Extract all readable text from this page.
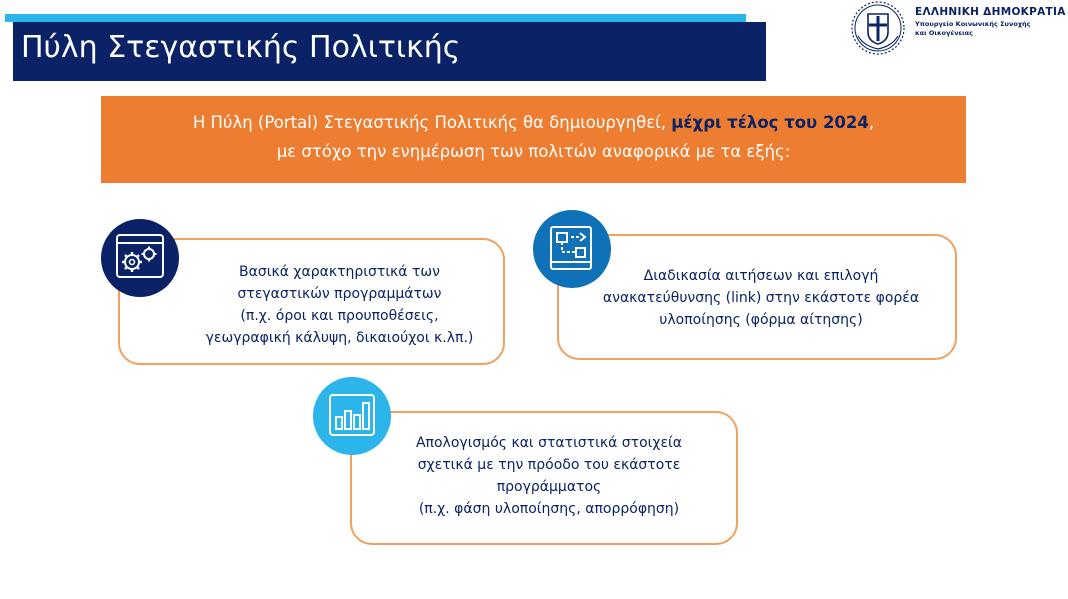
Πύλη Στεγαστικής Πολιτικής
ΕΛΛΗΝΙΚΗ ΔΗΜΟΚΡΑΤΙΑ
Υπουργείο Κοινωνικής Συνοχής
και Οικογένειας
Η Πύλη (Portal) Στεγαστικής Πολιτικής θα δημιουργηθεί, μέχρι τέλος του 2024,
με στόχο την ενημέρωση των πολιτών αναφορικά με τα εξής:
Βασικά χαρακτηριστικά των
στεγαστικών προγραμμάτων
(π.χ. όροι και προυποθέσεις,
γεωγραφική κάλυψη, δικαιούχοι κ.λπ.)
Διαδικασία αιτήσεων και επιλογή
ανακατεύθυνσης (link) στην εκάστοτε φορέα
υλοποίησης (φόρμα αίτησης)
Απολογισμός και στατιστικά στοιχεία
σχετικά με την πρόοδο του εκάστοτε
προγράμματος
(π.χ. φάση υλοποίησης, απορρόφηση)
